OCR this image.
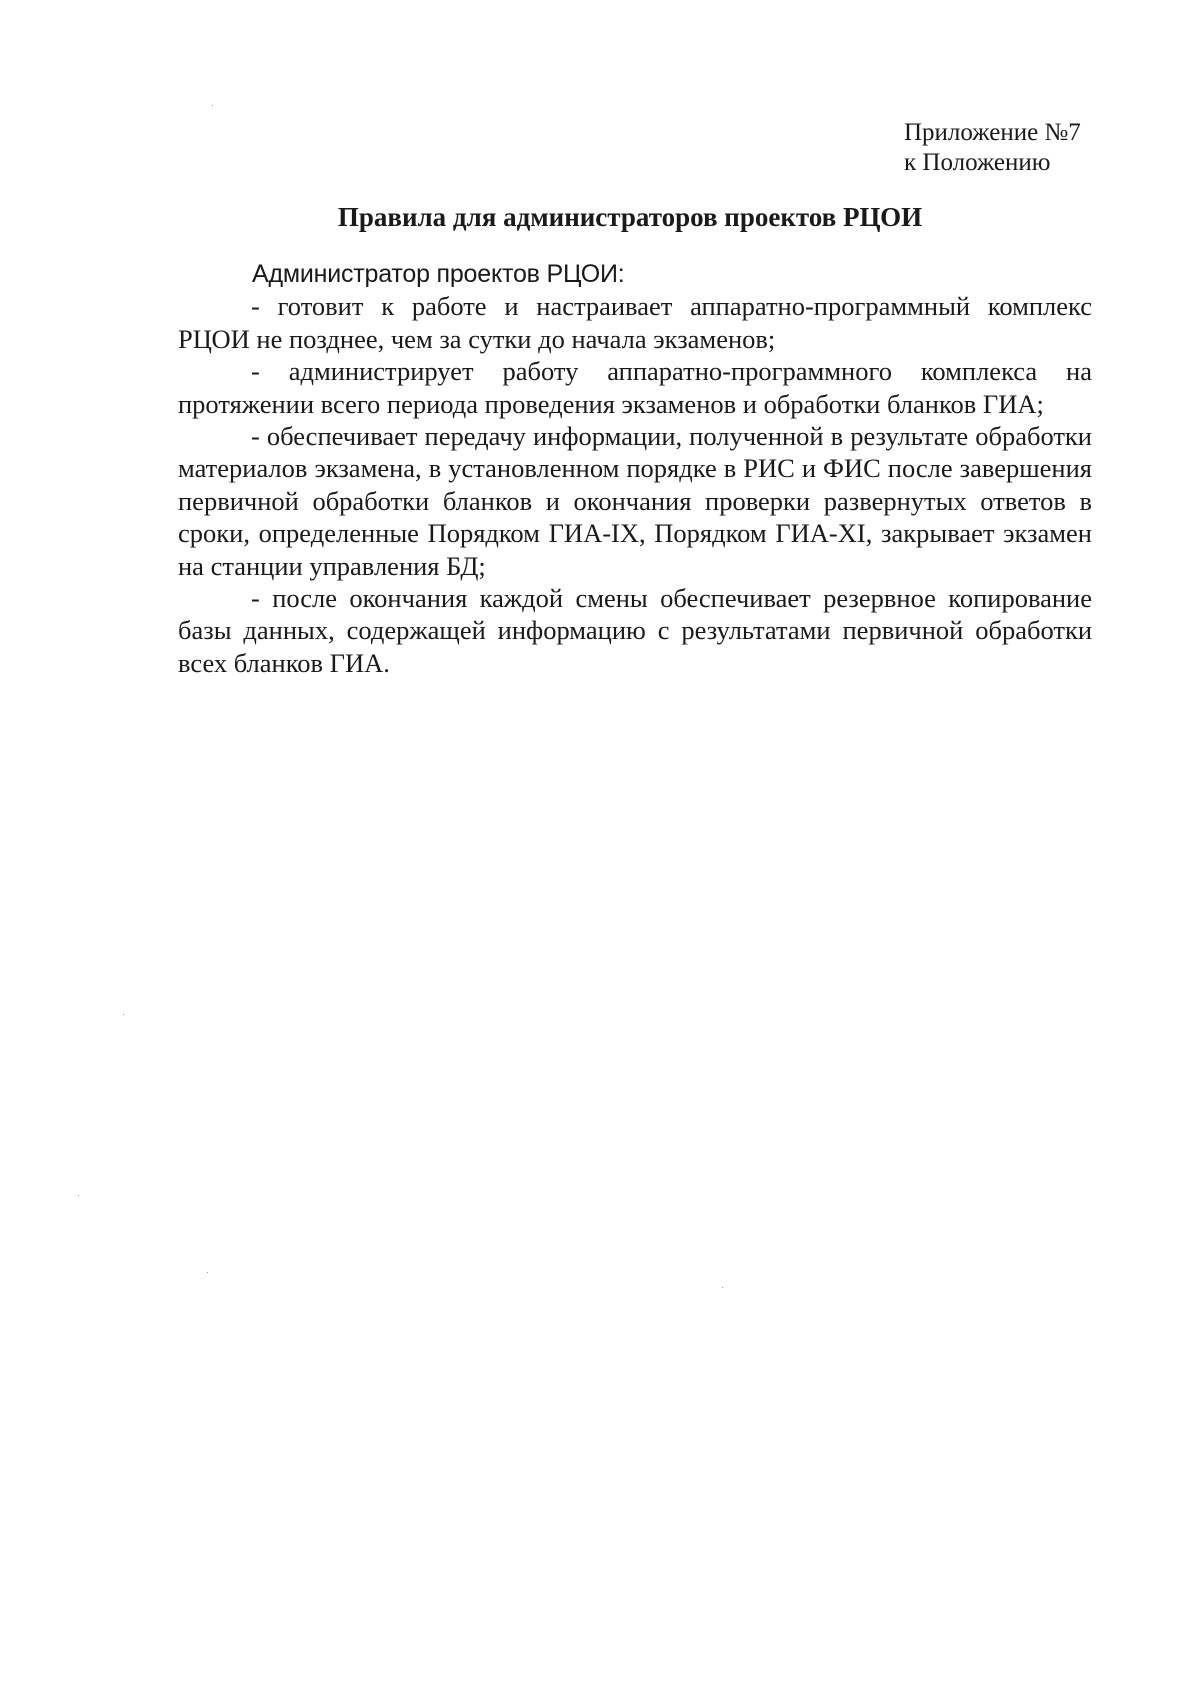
Приложение №7
к Положению
Правила для администраторов проектов РЦОИ

Администратор проектов РЦОИ:

- готовит к работе и настраивает аппаратно-программный комплекс РЦОИ не позднее, чем за сутки до начала экзаменов;

- администрирует работу аппаратно-программного комплекса на протяжении всего периода проведения экзаменов и обработки бланков ГИА;

- обеспечивает передачу информации, полученной в результате обработки материалов экзамена, в установленном порядке в РИС и ФИС после завершения первичной обработки бланков и окончания проверки развернутых ответов в сроки, определенные Порядком ГИА-IX, Порядком ГИА-XI, закрывает экзамен на станции управления БД;

- после окончания каждой смены обеспечивает резервное копирование базы данных, содержащей информацию с результатами первичной обработки всех бланков ГИА.
